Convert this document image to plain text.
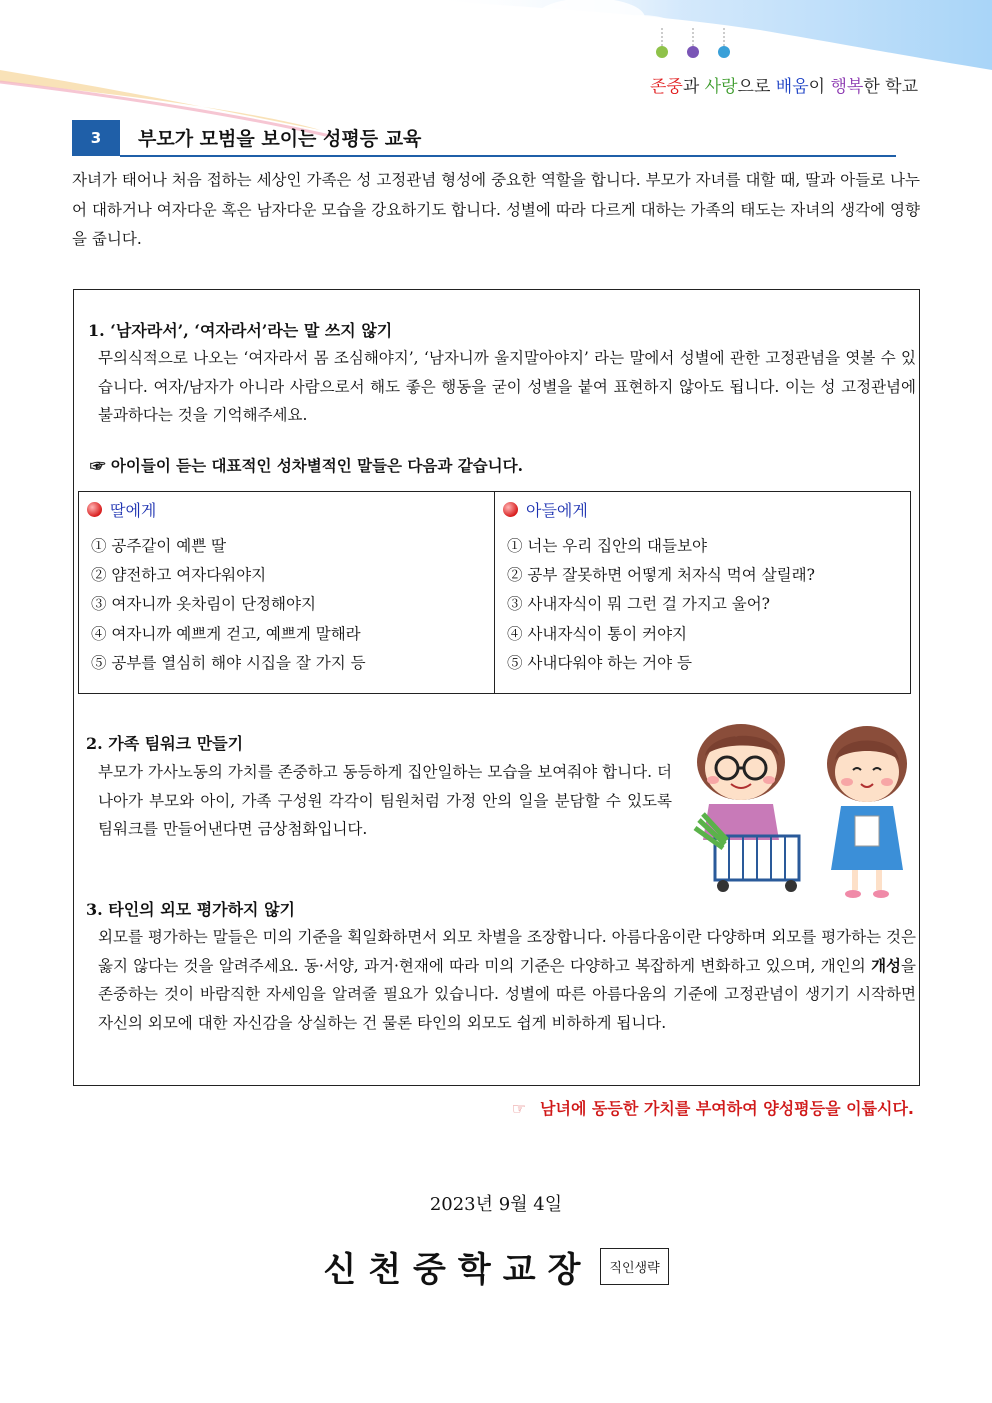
존중과 사랑으로 배움이 행복한 학교
3	부모가 모범을 보이는 성평등 교육
자녀가 태어나 처음 접하는 세상인 가족은 성 고정관념 형성에 중요한 역할을 합니다. 부모가 자녀를 대할 때, 딸과 아들로 나누어 대하거나 여자다운 혹은 남자다운 모습을 강요하기도 합니다. 성별에 따라 다르게 대하는 가족의 태도는 자녀의 생각에 영향을 줍니다.
1. ‘남자라서’, ‘여자라서’라는 말 쓰지 않기
무의식적으로 나오는 ‘여자라서 몸 조심해야지’, ‘남자니까 울지말아야지’ 라는 말에서 성별에 관한 고정관념을 엿볼 수 있습니다. 여자/남자가 아니라 사람으로서 해도 좋은 행동을 굳이 성별을 붙여 표현하지 않아도 됩니다. 이는 성 고정관념에 불과하다는 것을 기억해주세요.
☞ 아이들이 듣는 대표적인 성차별적인 말들은 다음과 같습니다.
딸에게
① 공주같이 예쁜 딸
② 얌전하고 여자다워야지
③ 여자니까 옷차림이 단정해야지
④ 여자니까 예쁘게 걷고, 예쁘게 말해라
⑤ 공부를 열심히 해야 시집을 잘 가지 등
아들에게
① 너는 우리 집안의 대들보야
② 공부 잘못하면 어떻게 처자식 먹여 살릴래?
③ 사내자식이 뭐 그런 걸 가지고 울어?
④ 사내자식이 통이 커야지
⑤ 사내다워야 하는 거야 등
2. 가족 팀워크 만들기
부모가 가사노동의 가치를 존중하고 동등하게 집안일하는 모습을 보여줘야 합니다. 더 나아가 부모와 아이, 가족 구성원 각각이 팀원처럼 가정 안의 일을 분담할 수 있도록 팀워크를 만들어낸다면 금상첨화입니다.
3. 타인의 외모 평가하지 않기
외모를 평가하는 말들은 미의 기준을 획일화하면서 외모 차별을 조장합니다. 아름다움이란 다양하며 외모를 평가하는 것은 옳지 않다는 것을 알려주세요. 동·서양, 과거·현재에 따라 미의 기준은 다양하고 복잡하게 변화하고 있으며, 개인의 개성을 존중하는 것이 바람직한 자세임을 알려줄 필요가 있습니다. 성별에 따른 아름다움의 기준에 고정관념이 생기기 시작하면 자신의 외모에 대한 자신감을 상실하는 건 물론 타인의 외모도 쉽게 비하하게 됩니다.
☞ 남녀에 동등한 가치를 부여하여 양성평등을 이룹시다.
2023년 9월 4일
신천중학교장 직인생략
